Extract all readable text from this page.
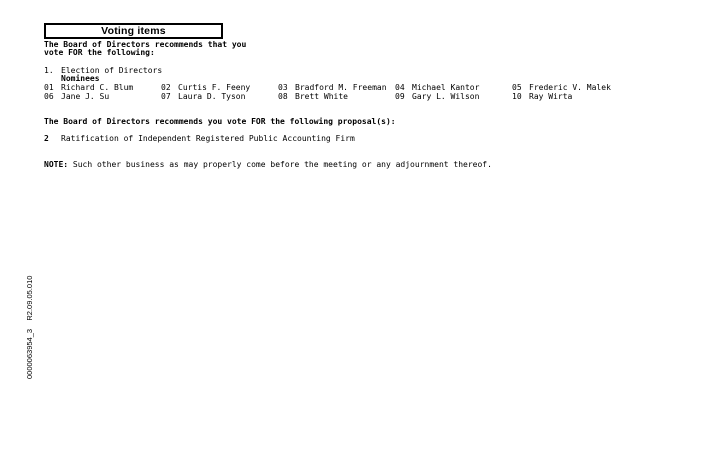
Voting items
The Board of Directors recommends that you
vote FOR the following:
1. Election of Directors
Nominees
01 Richard C. Blum	02 Curtis F. Feeny	03 Bradford M. Freeman 04 Michael Kantor	05 Frederic V. Malek
06 Jane J. Su	07 Laura D. Tyson	08 Brett White	09 Gary L. Wilson	10 Ray Wirta
The Board of Directors recommends you vote FOR the following proposal(s):
2 Ratification of Independent Registered Public Accounting Firm
NOTE: Such other business as may properly come before the meeting or any adjournment thereof.
0000063954_3    R2.09.05.010
